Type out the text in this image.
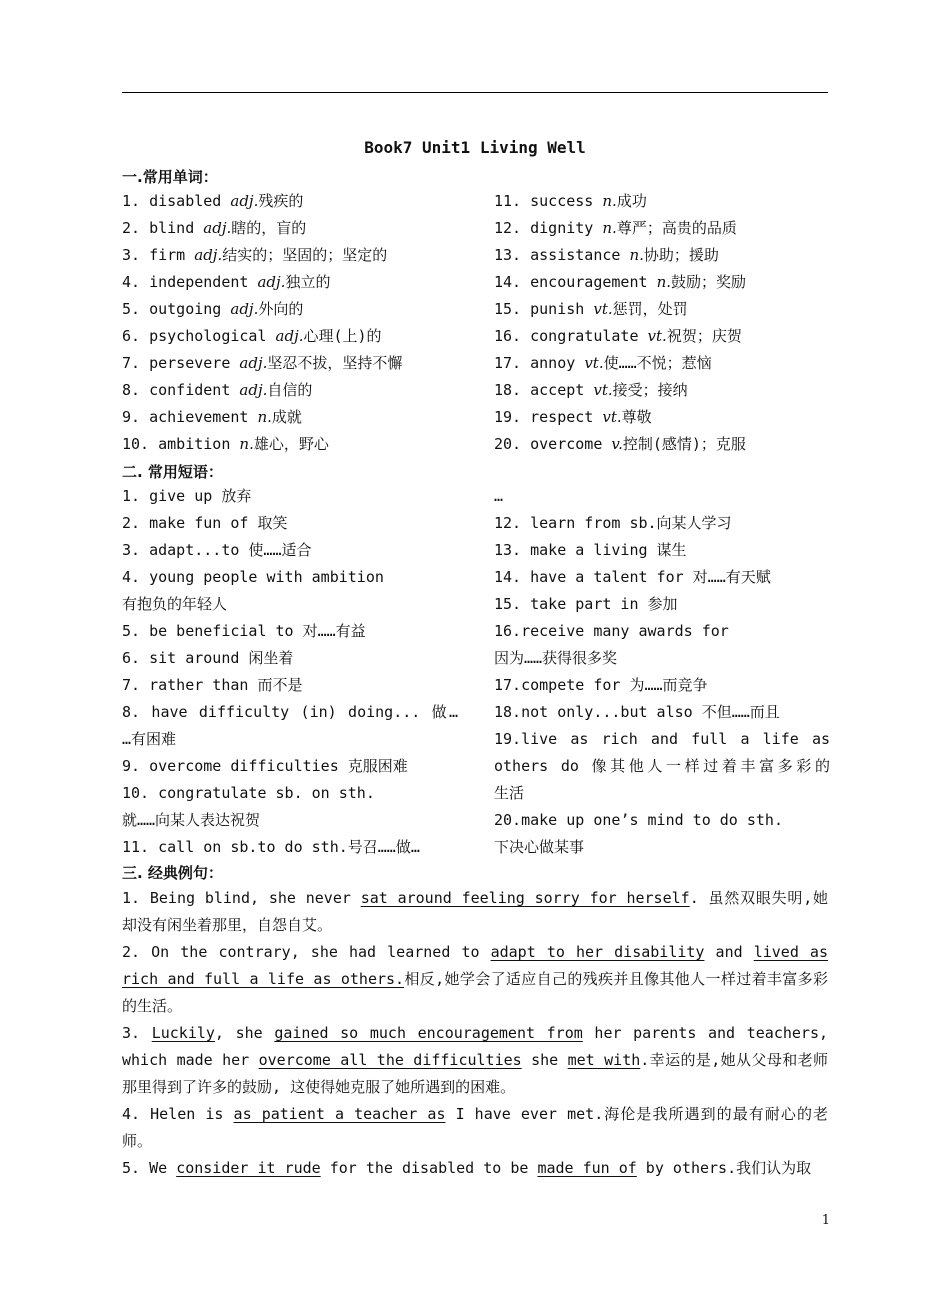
Book7 Unit1 Living Well
一.常用单词：
1. disabled adj.残疾的
2. blind adj.瞎的，盲的
3. firm adj.结实的；坚固的；坚定的
4. independent adj.独立的
5. outgoing adj.外向的
6. psychological adj.心理(上)的
7. persevere adj.坚忍不拔，坚持不懈
8. confident adj.自信的
9. achievement n.成就
10. ambition n.雄心，野心
11. success n.成功
12. dignity n.尊严；高贵的品质
13. assistance n.协助；援助
14. encouragement n.鼓励；奖励
15. punish vt.惩罚，处罚
16. congratulate vt.祝贺；庆贺
17. annoy vt.使……不悦；惹恼
18. accept vt.接受；接纳
19. respect vt.尊敬
20. overcome v.控制(感情)；克服
二. 常用短语：
1. give up 放弃
2. make fun of 取笑
3. adapt...to 使……适合
4. young people with ambition
有抱负的年轻人
5. be beneficial to 对……有益
6. sit around 闲坐着
7. rather than 而不是
8. have difficulty (in) doing... 做…
…有困难
9. overcome difficulties 克服困难
10. congratulate sb. on sth.
就……向某人表达祝贺
11. call on sb.to do sth.号召……做…
…
12. learn from sb.向某人学习
13. make a living 谋生
14. have a talent for 对……有天赋
15. take part in 参加
16.receive many awards for
因为……获得很多奖
17.compete for 为……而竞争
18.not only...but also 不但……而且
19.live as rich and full a life as
others do 像其他人一样过着丰富多彩的
生活
20.make up one’s mind to do sth.
下决心做某事
三. 经典例句：

1. Being blind, she never sat around feeling sorry for herself. 虽然双眼失明,她却没有闲坐着那里，自怨自艾。

2. On the contrary, she had learned to adapt to her disability and lived as rich and full a life as others.相反,她学会了适应自己的残疾并且像其他人一样过着丰富多彩的生活。

3. Luckily, she gained so much encouragement from her parents and teachers, which made her overcome all the difficulties she met with.幸运的是,她从父母和老师那里得到了许多的鼓励, 这使得她克服了她所遇到的困难。

4. Helen is as patient a teacher as I have ever met.海伦是我所遇到的最有耐心的老师。

5. We consider it rude for the disabled to be made fun of by others.我们认为取

1
